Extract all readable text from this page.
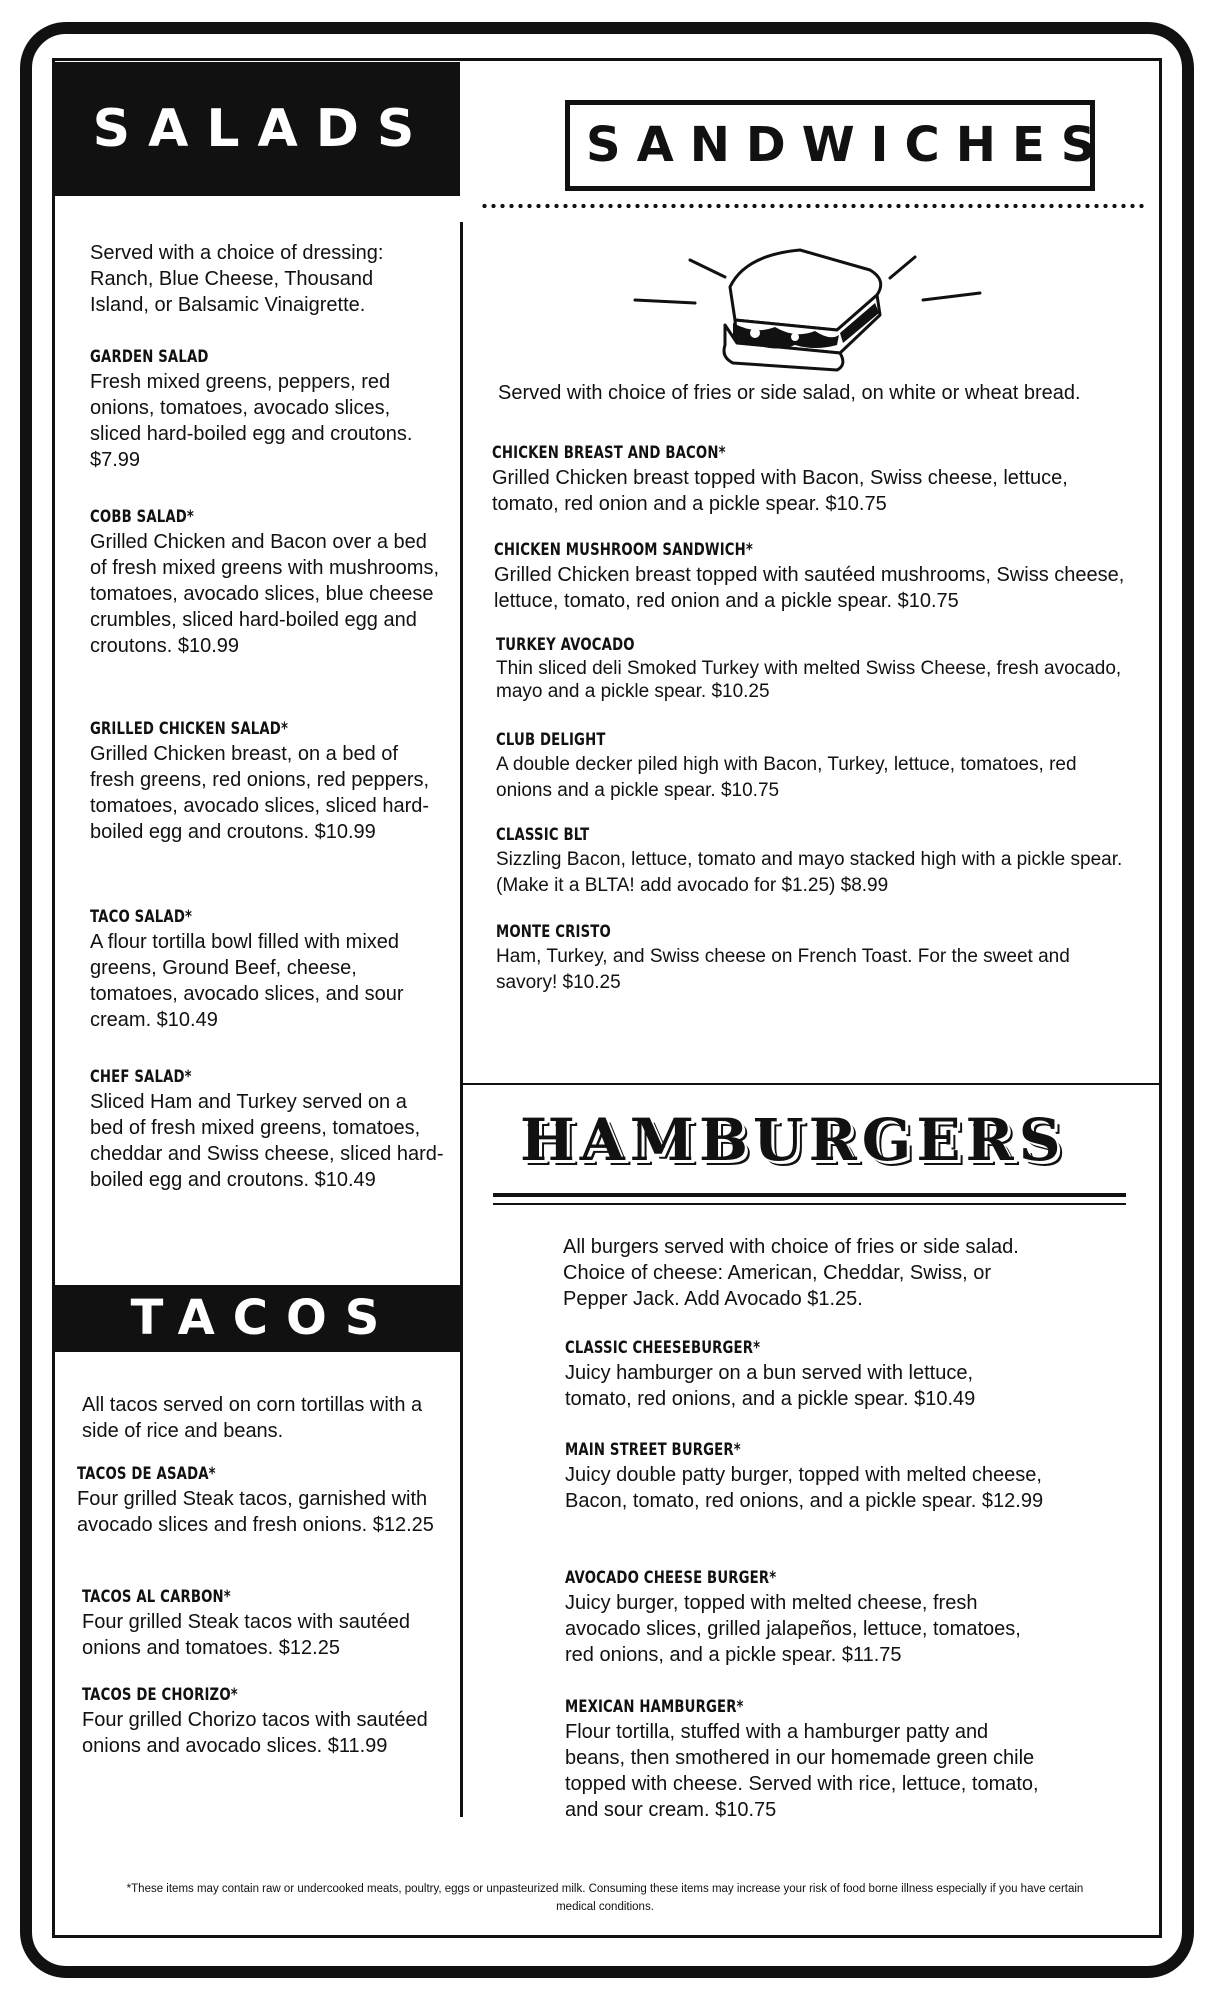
SALADS
Served with a choice of dressing: Ranch, Blue Cheese, Thousand Island, or Balsamic Vinaigrette.
GARDEN SALAD
Fresh mixed greens, peppers, red onions, tomatoes, avocado slices, sliced hard-boiled egg and croutons. $7.99
COBB SALAD*
Grilled Chicken and Bacon over a bed of fresh mixed greens with mushrooms, tomatoes, avocado slices, blue cheese crumbles, sliced hard-boiled egg and croutons. $10.99
GRILLED CHICKEN SALAD*
Grilled Chicken breast, on a bed of fresh greens, red onions, red peppers, tomatoes, avocado slices, sliced hard-boiled egg and croutons. $10.99
TACO SALAD*
A flour tortilla bowl filled with mixed greens, Ground Beef, cheese, tomatoes, avocado slices, and sour cream. $10.49
CHEF SALAD*
Sliced Ham and Turkey served on a bed of fresh mixed greens, tomatoes, cheddar and Swiss cheese, sliced hard-boiled egg and croutons. $10.49
TACOS
All tacos served on corn tortillas with a side of rice and beans.
TACOS DE ASADA*
Four grilled Steak tacos, garnished with avocado slices and fresh onions. $12.25
TACOS AL CARBON*
Four grilled Steak tacos with sautéed onions and tomatoes. $12.25
TACOS DE CHORIZO*
Four grilled Chorizo tacos with sautéed onions and avocado slices. $11.99
SANDWICHES
Served with choice of fries or side salad, on white or wheat bread.
CHICKEN BREAST AND BACON*
Grilled Chicken breast topped with Bacon, Swiss cheese, lettuce, tomato, red onion and a pickle spear. $10.75
CHICKEN MUSHROOM SANDWICH*
Grilled Chicken breast topped with sautéed mushrooms, Swiss cheese, lettuce, tomato, red onion and a pickle spear. $10.75
TURKEY AVOCADO
Thin sliced deli Smoked Turkey with melted Swiss Cheese, fresh avocado, mayo and a pickle spear. $10.25
CLUB DELIGHT
A double decker piled high with Bacon, Turkey, lettuce, tomatoes, red onions and a pickle spear. $10.75
CLASSIC BLT
Sizzling Bacon, lettuce, tomato and mayo stacked high with a pickle spear. (Make it a BLTA! add avocado for $1.25) $8.99
MONTE CRISTO
Ham, Turkey, and Swiss cheese on French Toast. For the sweet and savory! $10.25
HAMBURGERS
All burgers served with choice of fries or side salad. Choice of cheese: American, Cheddar, Swiss, or Pepper Jack. Add Avocado $1.25.
CLASSIC CHEESEBURGER*
Juicy hamburger on a bun served with lettuce, tomato, red onions, and a pickle spear. $10.49
MAIN STREET BURGER*
Juicy double patty burger, topped with melted cheese, Bacon, tomato, red onions, and a pickle spear. $12.99
AVOCADO CHEESE BURGER*
Juicy burger, topped with melted cheese, fresh avocado slices, grilled jalapeños, lettuce, tomatoes, red onions, and a pickle spear. $11.75
MEXICAN HAMBURGER*
Flour tortilla, stuffed with a hamburger patty and beans, then smothered in our homemade green chile topped with cheese. Served with rice, lettuce, tomato, and sour cream. $10.75
*These items may contain raw or undercooked meats, poultry, eggs or unpasteurized milk. Consuming these items may increase your risk of food borne illness especially if you have certain medical conditions.
